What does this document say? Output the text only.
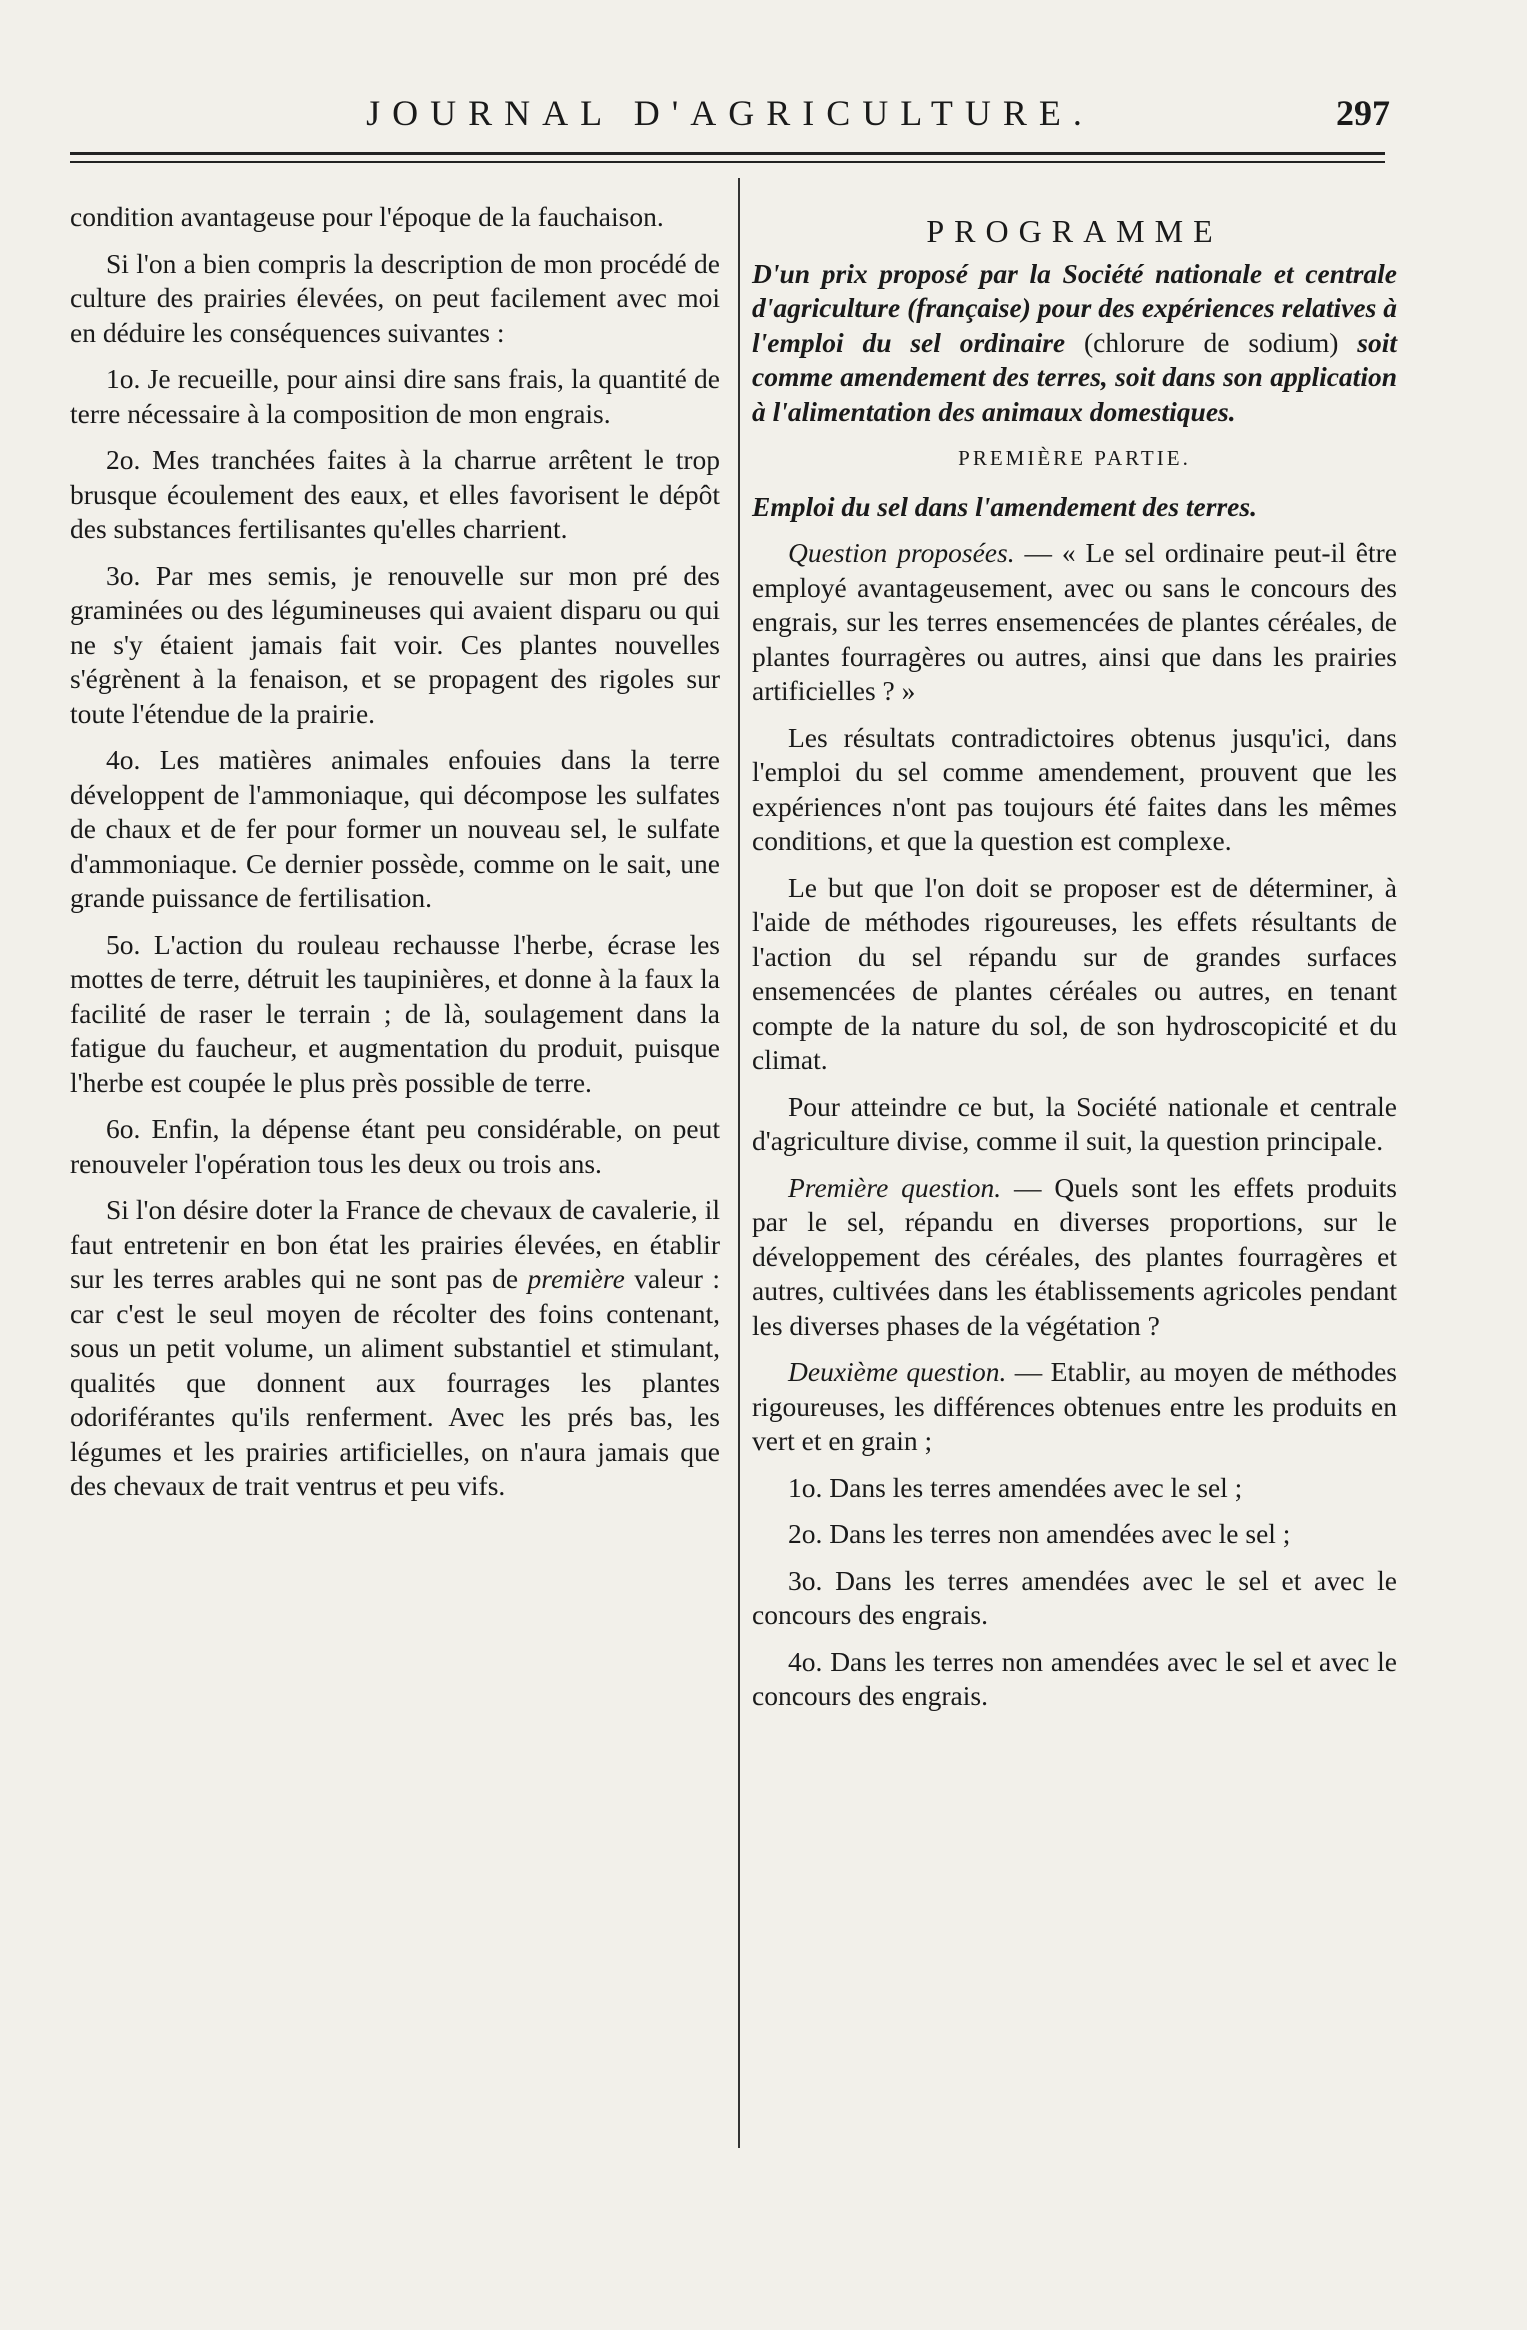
JOURNAL D'AGRICULTURE.	297

condition avantageuse pour l'époque de la fauchaison.

Si l'on a bien compris la description de mon procédé de culture des prairies élevées, on peut facilement avec moi en déduire les conséquences suivantes :

1o. Je recueille, pour ainsi dire sans frais, la quantité de terre nécessaire à la composition de mon engrais.

2o. Mes tranchées faites à la charrue arrêtent le trop brusque écoulement des eaux, et elles favorisent le dépôt des substances fertilisantes qu'elles charrient.

3o. Par mes semis, je renouvelle sur mon pré des graminées ou des légumineuses qui avaient disparu ou qui ne s'y étaient jamais fait voir. Ces plantes nouvelles s'égrènent à la fenaison, et se propagent des rigoles sur toute l'étendue de la prairie.

4o. Les matières animales enfouies dans la terre développent de l'ammoniaque, qui décompose les sulfates de chaux et de fer pour former un nouveau sel, le sulfate d'ammoniaque. Ce dernier possède, comme on le sait, une grande puissance de fertilisation.

5o. L'action du rouleau rechausse l'herbe, écrase les mottes de terre, détruit les taupinières, et donne à la faux la facilité de raser le terrain ; de là, soulagement dans la fatigue du faucheur, et augmentation du produit, puisque l'herbe est coupée le plus près possible de terre.

6o. Enfin, la dépense étant peu considérable, on peut renouveler l'opération tous les deux ou trois ans.

Si l'on désire doter la France de chevaux de cavalerie, il faut entretenir en bon état les prairies élevées, en établir sur les terres arables qui ne sont pas de première valeur : car c'est le seul moyen de récolter des foins contenant, sous un petit volume, un aliment substantiel et stimulant, qualités que donnent aux fourrages les plantes odoriférantes qu'ils renferment. Avec les prés bas, les légumes et les prairies artificielles, on n'aura jamais que des chevaux de trait ventrus et peu vifs.

PROGRAMME

D'un prix proposé par la Société nationale et centrale d'agriculture (française) pour des expériences relatives à l'emploi du sel ordinaire (chlorure de sodium) soit comme amendement des terres, soit dans son application à l'alimentation des animaux domestiques.

PREMIÈRE PARTIE.

Emploi du sel dans l'amendement des terres.

Question proposées. — « Le sel ordinaire peut-il être employé avantageusement, avec ou sans le concours des engrais, sur les terres ensemencées de plantes céréales, de plantes fourragères ou autres, ainsi que dans les prairies artificielles ? »

Les résultats contradictoires obtenus jusqu'ici, dans l'emploi du sel comme amendement, prouvent que les expériences n'ont pas toujours été faites dans les mêmes conditions, et que la question est complexe.

Le but que l'on doit se proposer est de déterminer, à l'aide de méthodes rigoureuses, les effets résultants de l'action du sel répandu sur de grandes surfaces ensemencées de plantes céréales ou autres, en tenant compte de la nature du sol, de son hydroscopicité et du climat.

Pour atteindre ce but, la Société nationale et centrale d'agriculture divise, comme il suit, la question principale.

Première question. — Quels sont les effets produits par le sel, répandu en diverses proportions, sur le développement des céréales, des plantes fourragères et autres, cultivées dans les établissements agricoles pendant les diverses phases de la végétation ?

Deuxième question. — Etablir, au moyen de méthodes rigoureuses, les différences obtenues entre les produits en vert et en grain ;

1o. Dans les terres amendées avec le sel ;

2o. Dans les terres non amendées avec le sel ;

3o. Dans les terres amendées avec le sel et avec le concours des engrais.

4o. Dans les terres non amendées avec le sel et avec le concours des engrais.
